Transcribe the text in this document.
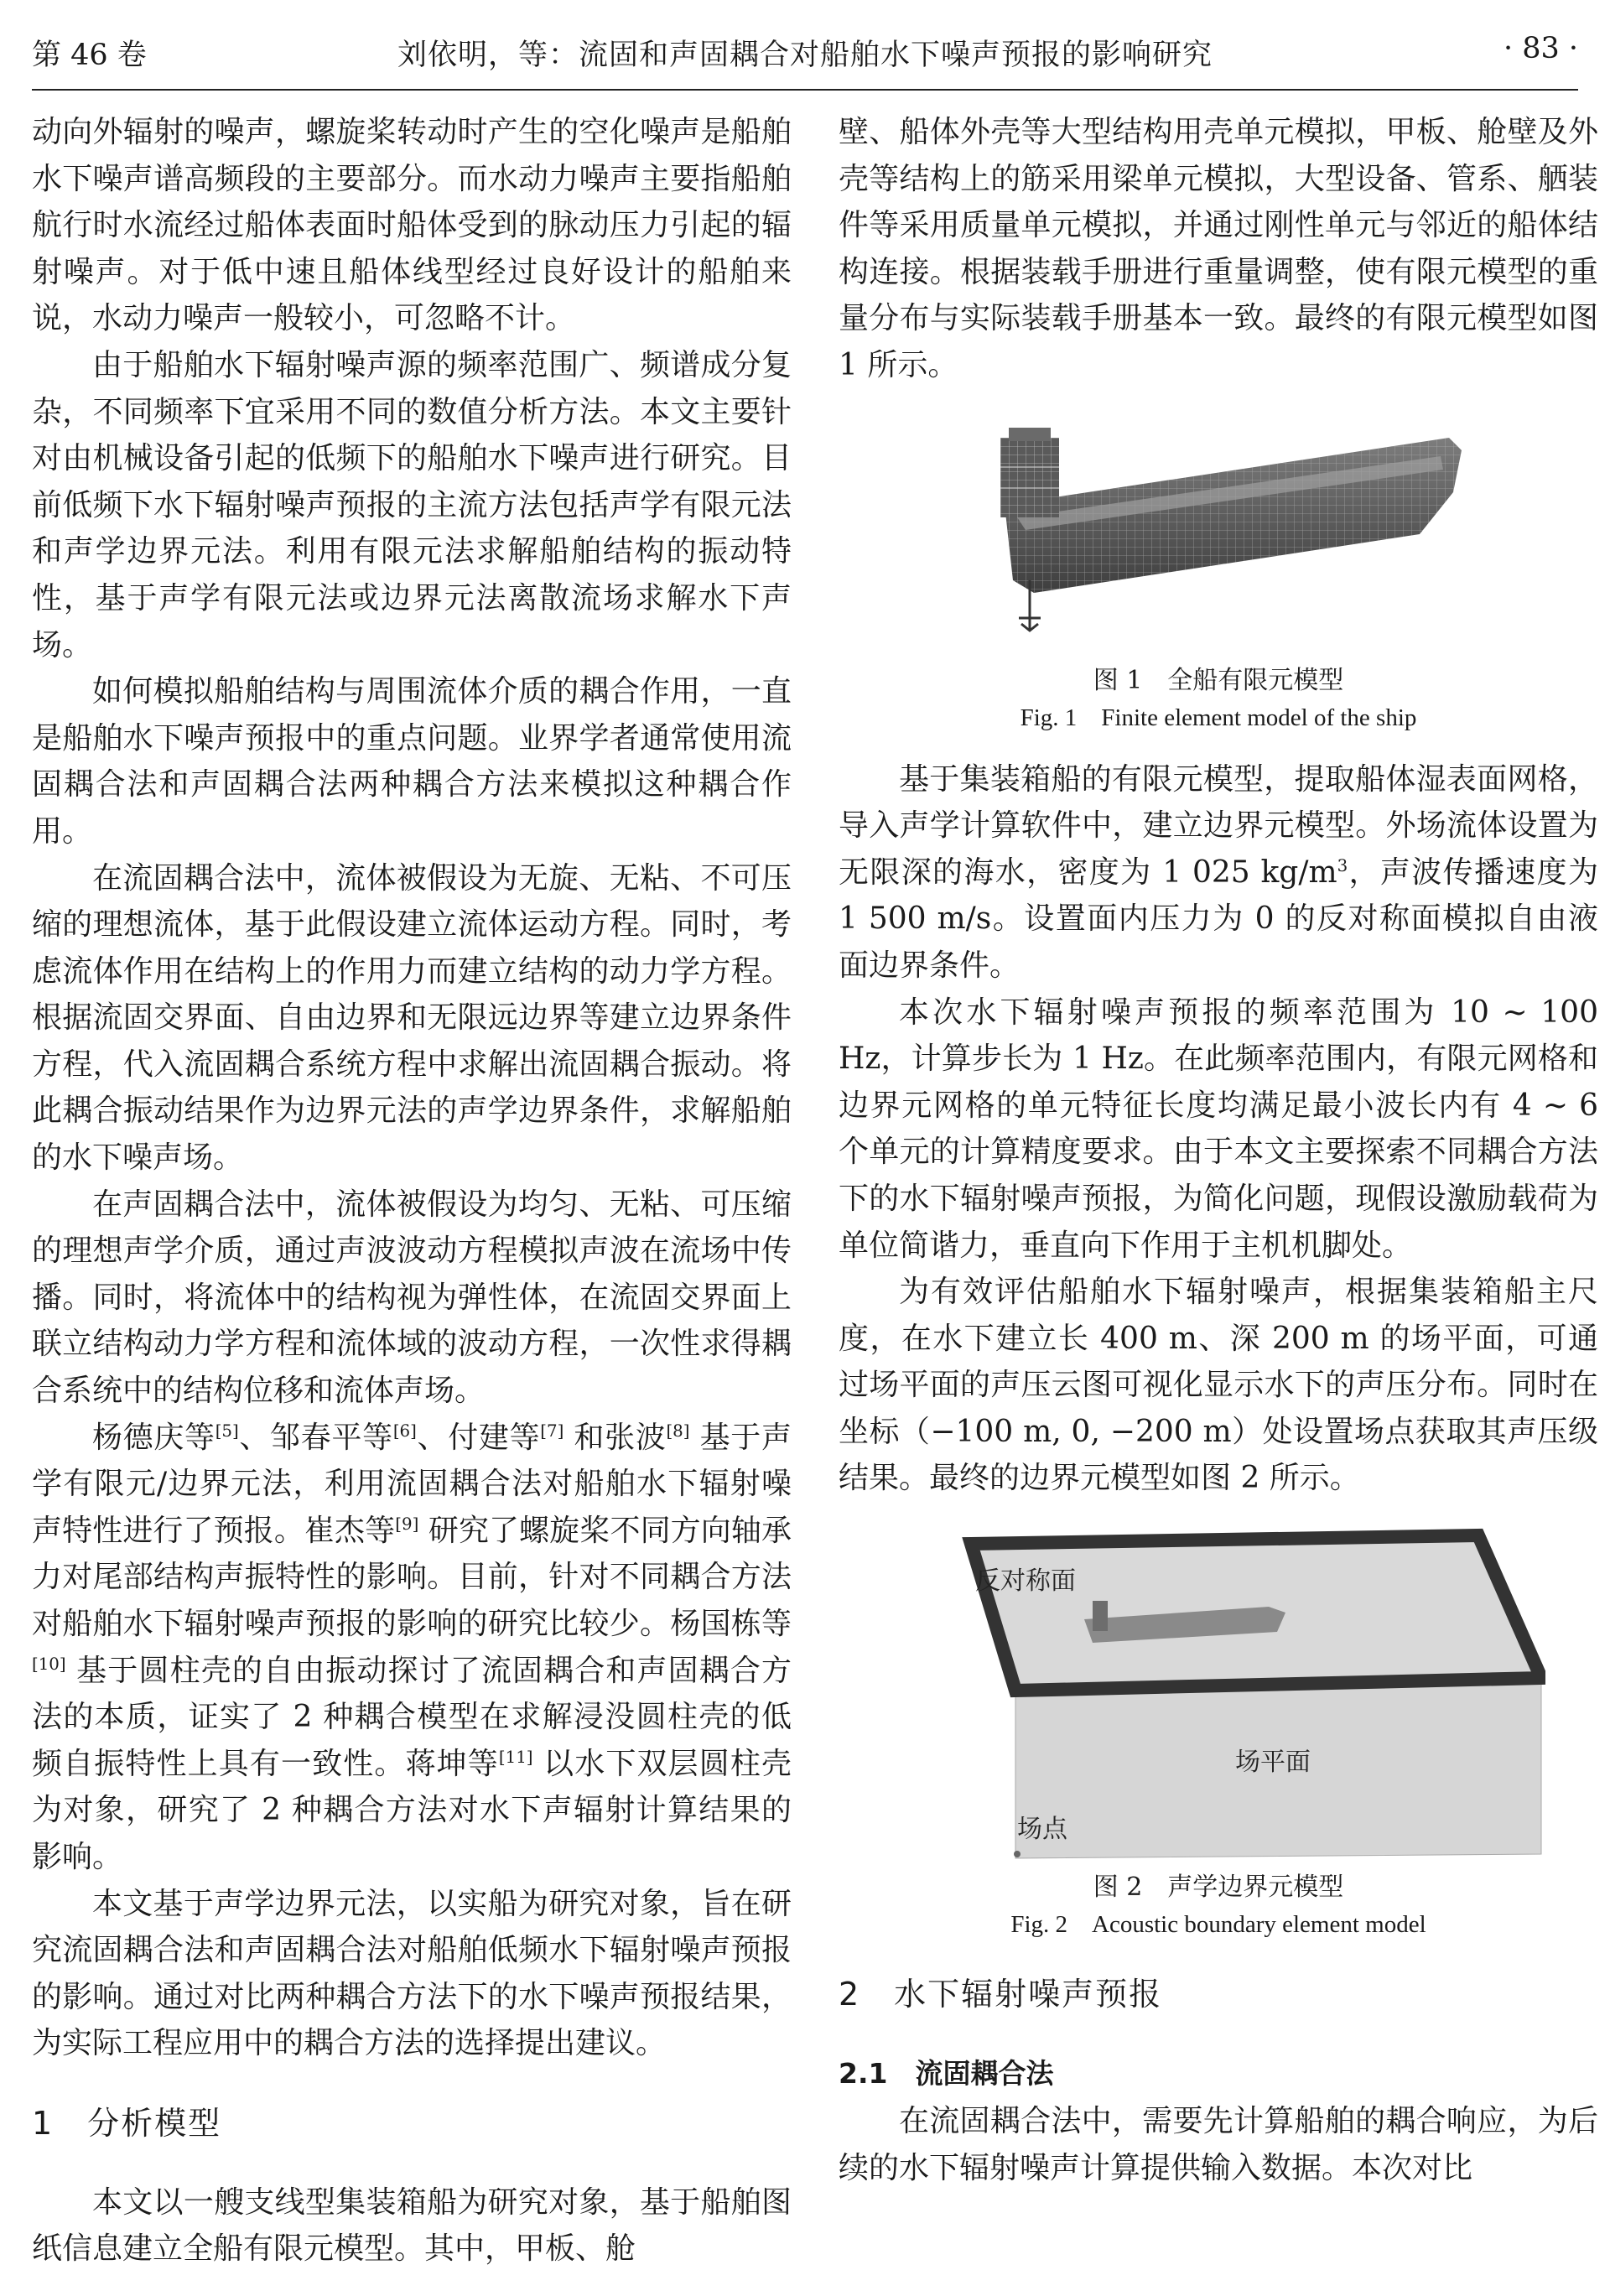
第 46 卷	刘依明，等：流固和声固耦合对船舶水下噪声预报的影响研究	· 83 ·

动向外辐射的噪声，螺旋桨转动时产生的空化噪声是船舶水下噪声谱高频段的主要部分。而水动力噪声主要指船舶航行时水流经过船体表面时船体受到的脉动压力引起的辐射噪声。对于低中速且船体线型经过良好设计的船舶来说，水动力噪声一般较小，可忽略不计。

由于船舶水下辐射噪声源的频率范围广、频谱成分复杂，不同频率下宜采用不同的数值分析方法。本文主要针对由机械设备引起的低频下的船舶水下噪声进行研究。目前低频下水下辐射噪声预报的主流方法包括声学有限元法和声学边界元法。利用有限元法求解船舶结构的振动特性，基于声学有限元法或边界元法离散流场求解水下声场。

如何模拟船舶结构与周围流体介质的耦合作用，一直是船舶水下噪声预报中的重点问题。业界学者通常使用流固耦合法和声固耦合法两种耦合方法来模拟这种耦合作用。

在流固耦合法中，流体被假设为无旋、无粘、不可压缩的理想流体，基于此假设建立流体运动方程。同时，考虑流体作用在结构上的作用力而建立结构的动力学方程。根据流固交界面、自由边界和无限远边界等建立边界条件方程，代入流固耦合系统方程中求解出流固耦合振动。将此耦合振动结果作为边界元法的声学边界条件，求解船舶的水下噪声场。

在声固耦合法中，流体被假设为均匀、无粘、可压缩的理想声学介质，通过声波波动方程模拟声波在流场中传播。同时，将流体中的结构视为弹性体，在流固交界面上联立结构动力学方程和流体域的波动方程，一次性求得耦合系统中的结构位移和流体声场。

杨德庆等[5]、邹春平等[6]、付建等[7] 和张波[8] 基于声学有限元/边界元法，利用流固耦合法对船舶水下辐射噪声特性进行了预报。崔杰等[9] 研究了螺旋桨不同方向轴承力对尾部结构声振特性的影响。目前，针对不同耦合方法对船舶水下辐射噪声预报的影响的研究比较少。杨国栋等[10] 基于圆柱壳的自由振动探讨了流固耦合和声固耦合方法的本质，证实了 2 种耦合模型在求解浸没圆柱壳的低频自振特性上具有一致性。蒋坤等[11] 以水下双层圆柱壳为对象，研究了 2 种耦合方法对水下声辐射计算结果的影响。

本文基于声学边界元法，以实船为研究对象，旨在研究流固耦合法和声固耦合法对船舶低频水下辐射噪声预报的影响。通过对比两种耦合方法下的水下噪声预报结果，为实际工程应用中的耦合方法的选择提出建议。

1　分析模型

本文以一艘支线型集装箱船为研究对象，基于船舶图纸信息建立全船有限元模型。其中，甲板、舱

壁、船体外壳等大型结构用壳单元模拟，甲板、舱壁及外壳等结构上的筋采用梁单元模拟，大型设备、管系、舾装件等采用质量单元模拟，并通过刚性单元与邻近的船体结构连接。根据装载手册进行重量调整，使有限元模型的重量分布与实际装载手册基本一致。最终的有限元模型如图 1 所示。

图 1　全船有限元模型
Fig. 1　Finite element model of the ship

基于集装箱船的有限元模型，提取船体湿表面网格，导入声学计算软件中，建立边界元模型。外场流体设置为无限深的海水，密度为 1 025 $kg/m^3$，声波传播速度为 1 500 m/s。设置面内压力为 0 的反对称面模拟自由液面边界条件。

本次水下辐射噪声预报的频率范围为 10 ~ 100 Hz，计算步长为 1 Hz。在此频率范围内，有限元网格和边界元网格的单元特征长度均满足最小波长内有 4 ~ 6 个单元的计算精度要求。由于本文主要探索不同耦合方法下的水下辐射噪声预报，为简化问题，现假设激励载荷为单位简谐力，垂直向下作用于主机机脚处。

为有效评估船舶水下辐射噪声，根据集装箱船主尺度，在水下建立长 400 m、深 200 m 的场平面，可通过场平面的声压云图可视化显示水下的声压分布。同时在坐标（−100 m, 0, −200 m）处设置场点获取其声压级结果。最终的边界元模型如图 2 所示。

反对称面
场平面
场点
图 2　声学边界元模型
Fig. 2　Acoustic boundary element model
2　水下辐射噪声预报
2.1　流固耦合法

在流固耦合法中，需要先计算船舶的耦合响应，为后续的水下辐射噪声计算提供输入数据。本次对比
